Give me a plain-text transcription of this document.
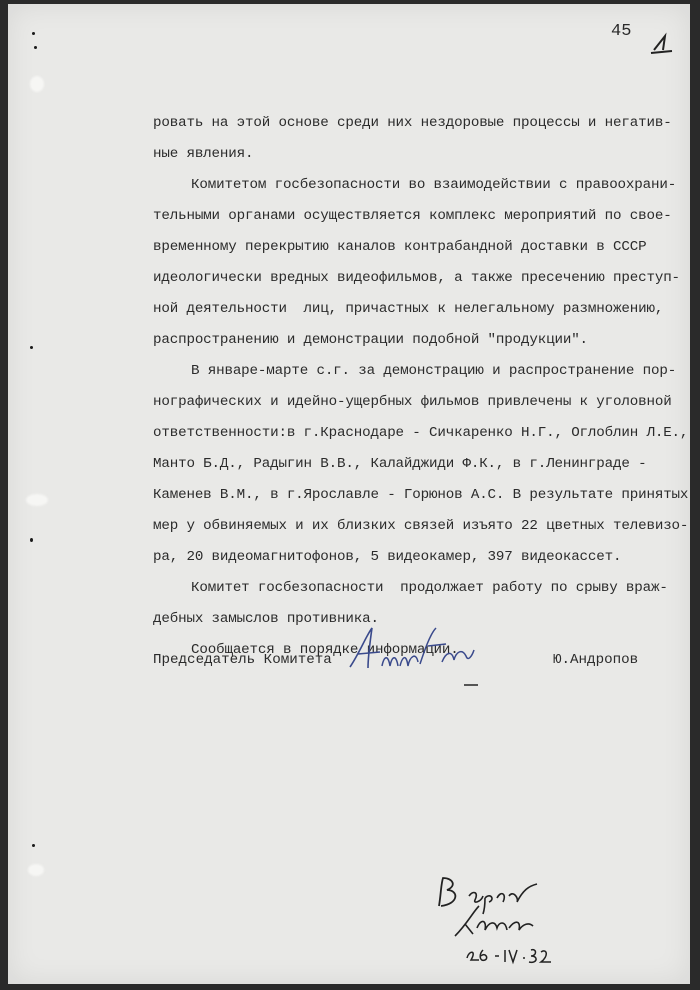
45
ровать на этой основе среди них нездоровые процессы и негатив-
ные явления.
Комитетом госбезопасности во взаимодействии с правоохрани-
тельными органами осуществляется комплекс мероприятий по свое-
временному перекрытию каналов контрабандной доставки в СССР
идеологически вредных видеофильмов, а также пресечению преступ-
ной деятельности  лиц, причастных к нелегальному размножению,
распространению и демонстрации подобной "продукции".
В январе-марте с.г. за демонстрацию и распространение пор-
нографических и идейно-ущербных фильмов привлечены к уголовной
ответственности:в г.Краснодаре - Сичкаренко Н.Г., Оглоблин Л.Е.,
Манто Б.Д., Радыгин В.В., Калайджиди Ф.К., в г.Ленинграде -
Каменев В.М., в г.Ярославле - Горюнов А.С. В результате принятых
мер у обвиняемых и их близких связей изъято 22 цветных телевизо-
ра, 20 видеомагнитофонов, 5 видеокамер, 397 видеокассет.
Комитет госбезопасности  продолжает работу по срыву враж-
дебных замыслов противника.
Сообщается в порядке информации.
Председатель Комитета	Ю.Андропов
